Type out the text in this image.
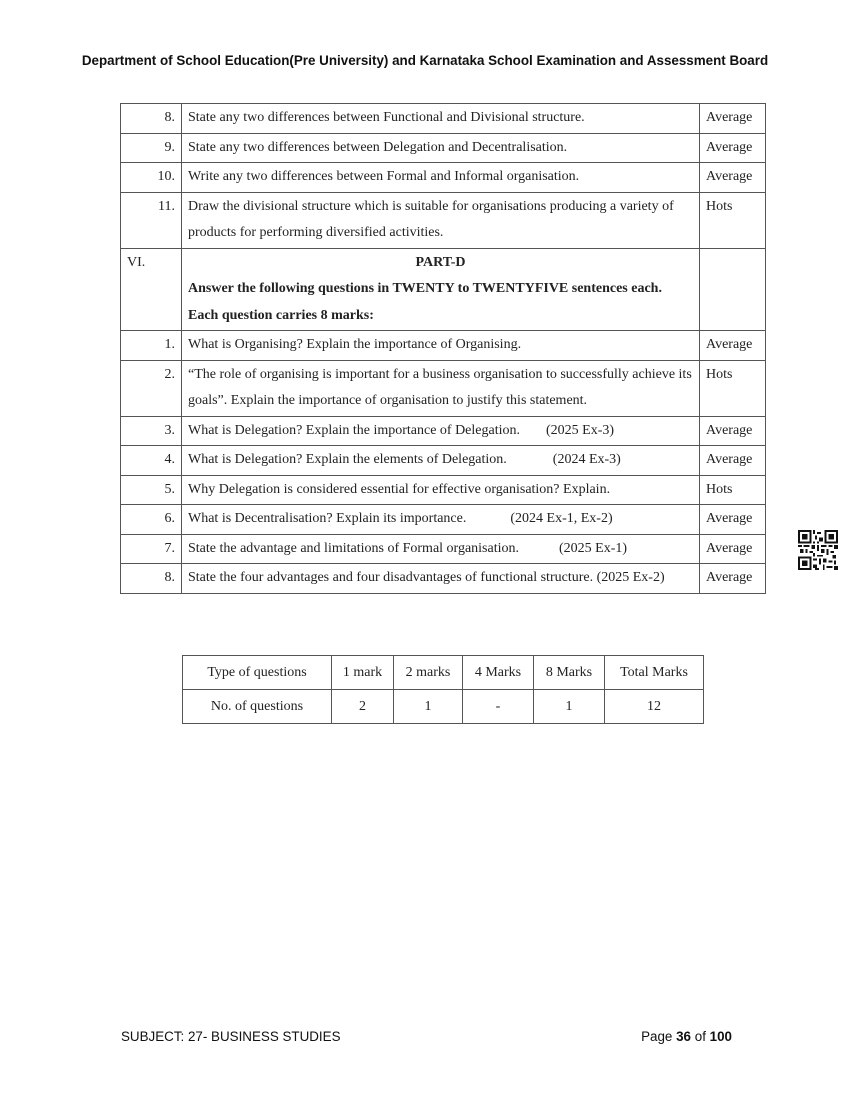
Department of School Education(Pre University) and Karnataka School Examination and Assessment Board
8.	State any two differences between Functional and Divisional structure.	Average
9.	State any two differences between Delegation and Decentralisation.	Average
10.	Write any two differences between Formal and Informal organisation.	Average
11.	Draw the divisional structure which is suitable for organisations producing a variety of products for performing diversified activities.	Hots
VI.	PART-D
Answer the following questions in TWENTY to TWENTYFIVE sentences each. Each question carries 8 marks:	

1.	What is Organising? Explain the importance of Organising.	Average
2.	“The role of organising is important for a business organisation to successfully achieve its goals”. Explain the importance of organisation to justify this statement.	Hots
3.	What is Delegation? Explain the importance of Delegation. (2025 Ex-3)	Average
4.	What is Delegation? Explain the elements of Delegation. (2024 Ex-3)	Average
5.	Why Delegation is considered essential for effective organisation? Explain.	Hots
6.	What is Decentralisation? Explain its importance. (2024 Ex-1, Ex-2)	Average
7.	State the advantage and limitations of Formal organisation. (2025 Ex-1)	Average
8.	State the four advantages and four disadvantages of functional structure. (2025 Ex-2)	Average
Type of questions	1 mark	2 marks	4 Marks	8 Marks	Total Marks
No. of questions	2	1	-	1	12
SUBJECT: 27- BUSINESS STUDIES	Page 36 of 100
